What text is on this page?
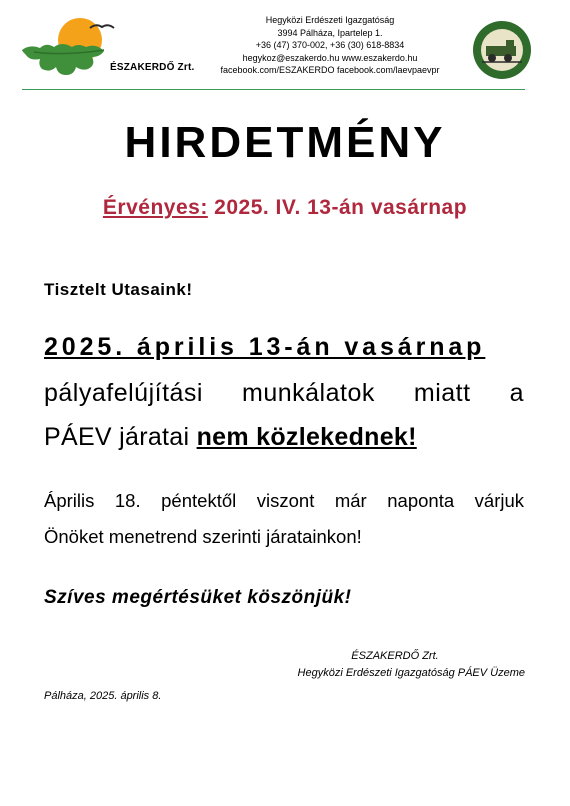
ÉSZAKERDŐ Zrt.
Hegyközi Erdészeti Igazgatóság
3994 Pálháza, Ipartelep 1.
+36 (47) 370-002, +36 (30) 618-8834
hegykoz@eszakerdo.hu www.eszakerdo.hu
facebook.com/ESZAKERDO facebook.com/laevpaevpr
HIRDETMÉNY
Érvényes: 2025. IV. 13-án vasárnap
Tisztelt Utasaink!
2025. április 13-án vasárnap
pályafelújítási munkálatok miatt a
PÁEV járatai nem közlekednek!
Április 18. péntektől viszont már naponta várjuk
Önöket menetrend szerinti járatainkon!
Szíves megértésüket köszönjük!
ÉSZAKERDŐ Zrt.
Hegyközi Erdészeti Igazgatóság PÁEV Üzeme
Pálháza, 2025. április 8.
